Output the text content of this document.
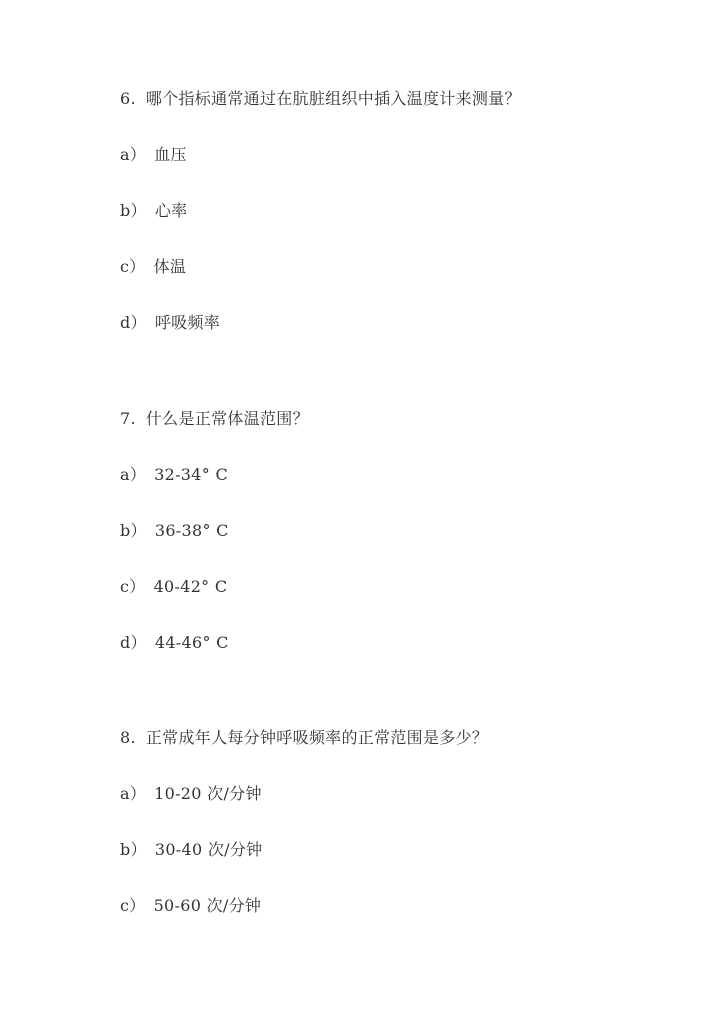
6. 哪个指标通常通过在肮脏组织中插入温度计来测量？
a） 血压
b） 心率
c） 体温
d） 呼吸频率
7. 什么是正常体温范围？
a） 32-34° C
b） 36-38° C
c） 40-42° C
d） 44-46° C
8. 正常成年人每分钟呼吸频率的正常范围是多少？
a） 10-20 次/分钟
b） 30-40 次/分钟
c） 50-60 次/分钟
